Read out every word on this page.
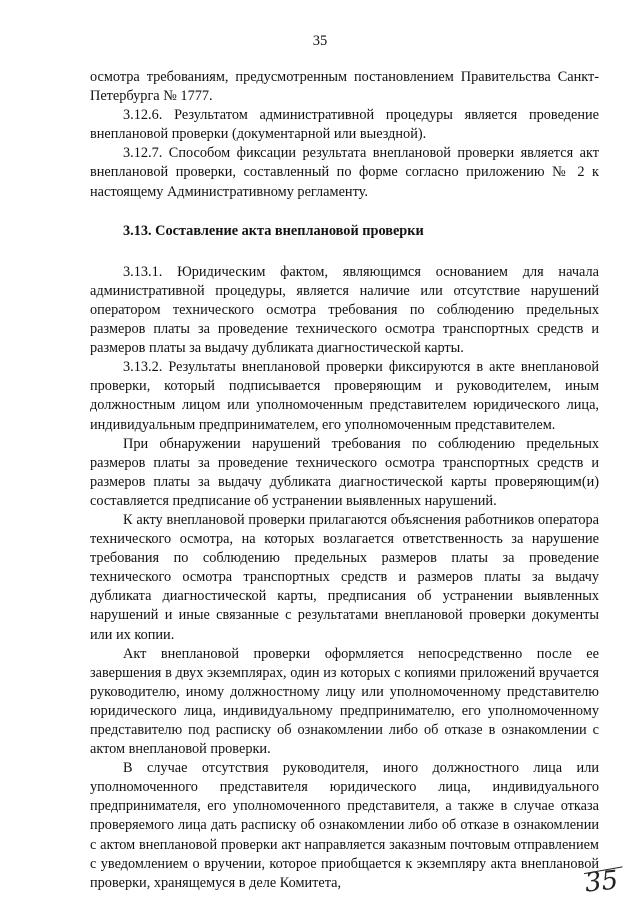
35

осмотра требованиям, предусмотренным постановлением Правительства Санкт-Петербурга № 1777.

3.12.6. Результатом административной процедуры является проведение внеплановой проверки (документарной или выездной).

3.12.7. Способом фиксации результата внеплановой проверки является акт внеплановой проверки, составленный по форме согласно приложению № 2 к настоящему Административному регламенту.

3.13. Составление акта внеплановой проверки

3.13.1. Юридическим фактом, являющимся основанием для начала административной процедуры, является наличие или отсутствие нарушений оператором технического осмотра требования по соблюдению предельных размеров платы за проведение технического осмотра транспортных средств и размеров платы за выдачу дубликата диагностической карты.

3.13.2. Результаты внеплановой проверки фиксируются в акте внеплановой проверки, который подписывается проверяющим и руководителем, иным должностным лицом или уполномоченным представителем юридического лица, индивидуальным предпринимателем, его уполномоченным представителем.

При обнаружении нарушений требования по соблюдению предельных размеров платы за проведение технического осмотра транспортных средств и размеров платы за выдачу дубликата диагностической карты проверяющим(и) составляется предписание об устранении выявленных нарушений.

К акту внеплановой проверки прилагаются объяснения работников оператора технического осмотра, на которых возлагается ответственность за нарушение требования по соблюдению предельных размеров платы за проведение технического осмотра транспортных средств и размеров платы за выдачу дубликата диагностической карты, предписания об устранении выявленных нарушений и иные связанные с результатами внеплановой проверки документы или их копии.

Акт внеплановой проверки оформляется непосредственно после ее завершения в двух экземплярах, один из которых с копиями приложений вручается руководителю, иному должностному лицу или уполномоченному представителю юридического лица, индивидуальному предпринимателю, его уполномоченному представителю под расписку об ознакомлении либо об отказе в ознакомлении с актом внеплановой проверки.

В случае отсутствия руководителя, иного должностного лица или уполномоченного представителя юридического лица, индивидуального предпринимателя, его уполномоченного представителя, а также в случае отказа проверяемого лица дать расписку об ознакомлении либо об отказе в ознакомлении с актом внеплановой проверки акт направляется заказным почтовым отправлением с уведомлением о вручении, которое приобщается к экземпляру акта внеплановой проверки, хранящемуся в деле Комитета,	35
